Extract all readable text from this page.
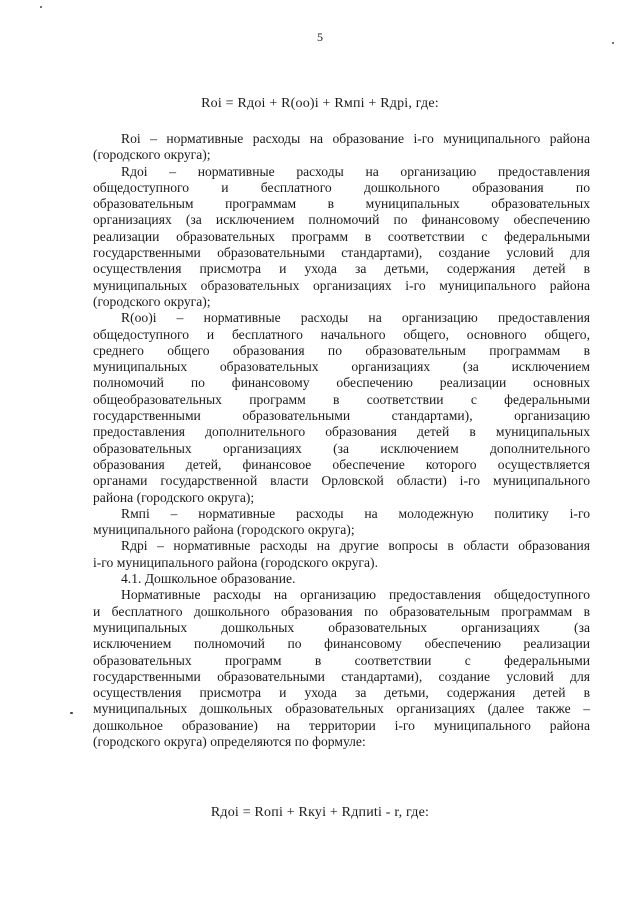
5
Roi = Rдoi + R(oo)i + Rмпi + Rдpi, где:
Roi – нормативные расходы на образование i-го муниципального района
(городского округа);
Rдoi – нормативные расходы на организацию предоставления
общедоступного и бесплатного дошкольного образования по
образовательным программам в муниципальных образовательных
организациях (за исключением полномочий по финансовому обеспечению
реализации образовательных программ в соответствии с федеральными
государственными образовательными стандартами), создание условий для
осуществления присмотра и ухода за детьми, содержания детей в
муниципальных образовательных организациях i-го муниципального района
(городского округа);
R(oo)i – нормативные расходы на организацию предоставления
общедоступного и бесплатного начального общего, основного общего,
среднего общего образования по образовательным программам в
муниципальных образовательных организациях (за исключением
полномочий по финансовому обеспечению реализации основных
общеобразовательных программ в соответствии с федеральными
государственными образовательными стандартами), организацию
предоставления дополнительного образования детей в муниципальных
образовательных организациях (за исключением дополнительного
образования детей, финансовое обеспечение которого осуществляется
органами государственной власти Орловской области) i-го муниципального
района (городского округа);
Rмпi – нормативные расходы на молодежную политику i-го
муниципального района (городского округа);
Rдpi – нормативные расходы на другие вопросы в области образования
i-го муниципального района (городского округа).
4.1. Дошкольное образование.
Нормативные расходы на организацию предоставления общедоступного
и бесплатного дошкольного образования по образовательным программам в
муниципальных дошкольных образовательных организациях (за
исключением полномочий по финансовому обеспечению реализации
образовательных программ в соответствии с федеральными
государственными образовательными стандартами), создание условий для
осуществления присмотра и ухода за детьми, содержания детей в
муниципальных дошкольных образовательных организациях (далее также –
дошкольное образование) на территории i-го муниципального района
(городского округа) определяются по формуле:
Rдoi = Rопi + Rкуi + Rдпиti - r, где:
